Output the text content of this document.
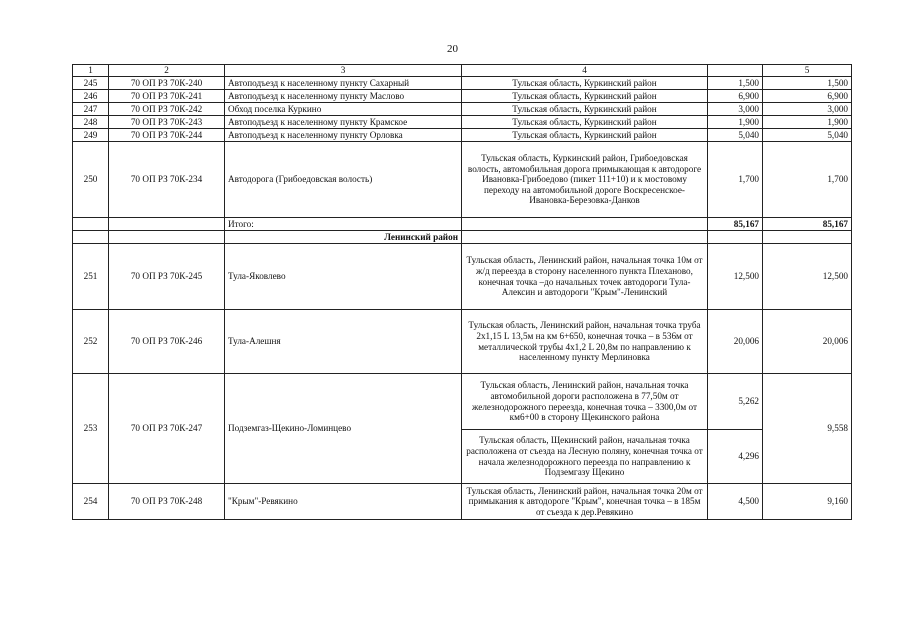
20
1	2	3	4		5
245	70 ОП РЗ 70К-240	Автоподъезд к населенному пункту Сахарный	Тульская область, Куркинский район	1,500	1,500
246	70 ОП РЗ 70К-241	Автоподъезд к населенному пункту Маслово	Тульская область, Куркинский район	6,900	6,900
247	70 ОП РЗ 70К-242	Обход поселка Куркино	Тульская область, Куркинский район	3,000	3,000
248	70 ОП РЗ 70К-243	Автоподъезд к населенному пункту Крамское	Тульская область, Куркинский район	1,900	1,900
249	70 ОП РЗ 70К-244	Автоподъезд к населенному пункту Орловка	Тульская область, Куркинский район	5,040	5,040
250	70 ОП РЗ 70К-234	Автодорога (Грибоедовская волость)	Тульская область, Куркинский район, Грибоедовская волость, автомобильная дорога примыкающая к автодороге Ивановка-Грибоедово (пикет 111+10) и к мостовому переходу на автомобильной дороге Воскресенское-Ивановка-Березовка-Данков	1,700	1,700
		Итого:		85,167	85,167
		Ленинский район			
251	70 ОП РЗ 70К-245	Тула-Яковлево	Тульская область, Ленинский район, начальная точка 10м от ж/д переезда в сторону населенного пункта Плеханово, конечная точка –до начальных точек автодороги Тула-Алексин и автодороги "Крым"-Ленинский	12,500	12,500
252	70 ОП РЗ 70К-246	Тула-Алешня	Тульская область, Ленинский район, начальная точка труба 2х1,15 L 13,5м на км 6+650, конечная точка – в 536м от металлической трубы 4х1,2 L 20,8м по направлению к населенному пункту Мерлиновка	20,006	20,006
253	70 ОП РЗ 70К-247	Подземгаз-Щекино-Ломинцево	Тульская область, Ленинский район, начальная точка автомобильной дороги расположена в 77,50м от железнодорожного переезда, конечная точка – 3300,0м от км6+00 в сторону Щекинского района	5,262	9,558
			Тульская область, Щекинский район, начальная точка расположена от съезда на Лесную поляну, конечная точка от начала железнодорожного переезда по направлению к Подземгазу Щекино	4,296	
254	70 ОП РЗ 70К-248	"Крым"-Ревякино	Тульская область, Ленинский район, начальная точка 20м от примыкания к автодороге "Крым", конечная точка – в 185м от съезда к дер.Ревякино	4,500	9,160
